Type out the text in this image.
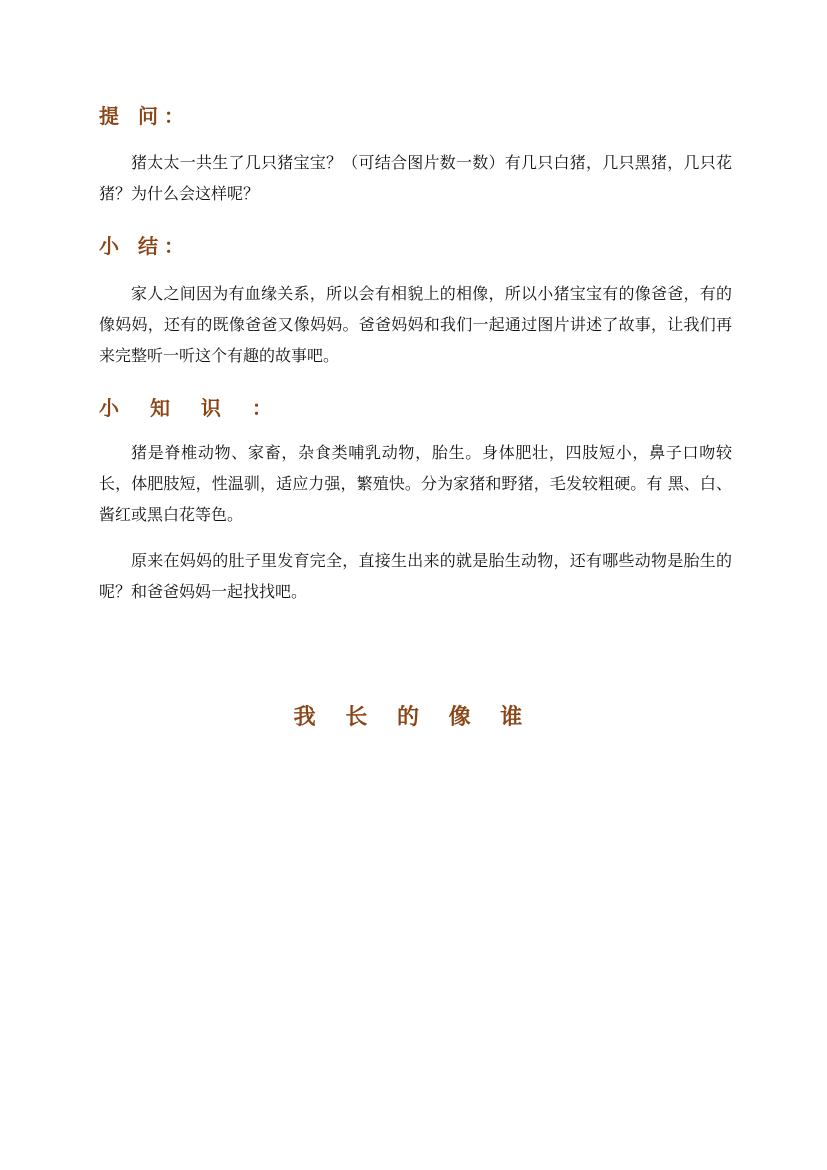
提 问：

猪太太一共生了几只猪宝宝？（可结合图片数一数）有几只白猪，几只黑猪，几只花猪？为什么会这样呢？

小 结：

家人之间因为有血缘关系，所以会有相貌上的相像，所以小猪宝宝有的像爸爸，有的像妈妈，还有的既像爸爸又像妈妈。爸爸妈妈和我们一起通过图片讲述了故事，让我们再来完整听一听这个有趣的故事吧。

小 知 识 ：

猪是脊椎动物、家畜，杂食类哺乳动物，胎生。身体肥壮，四肢短小，鼻子口吻较长，体肥肢短，性温驯，适应力强，繁殖快。分为家猪和野猪，毛发较粗硬。有 黑、白、酱红或黑白花等色。

原来在妈妈的肚子里发育完全，直接生出来的就是胎生动物，还有哪些动物是胎生的呢？和爸爸妈妈一起找找吧。

我 长 的 像 谁
